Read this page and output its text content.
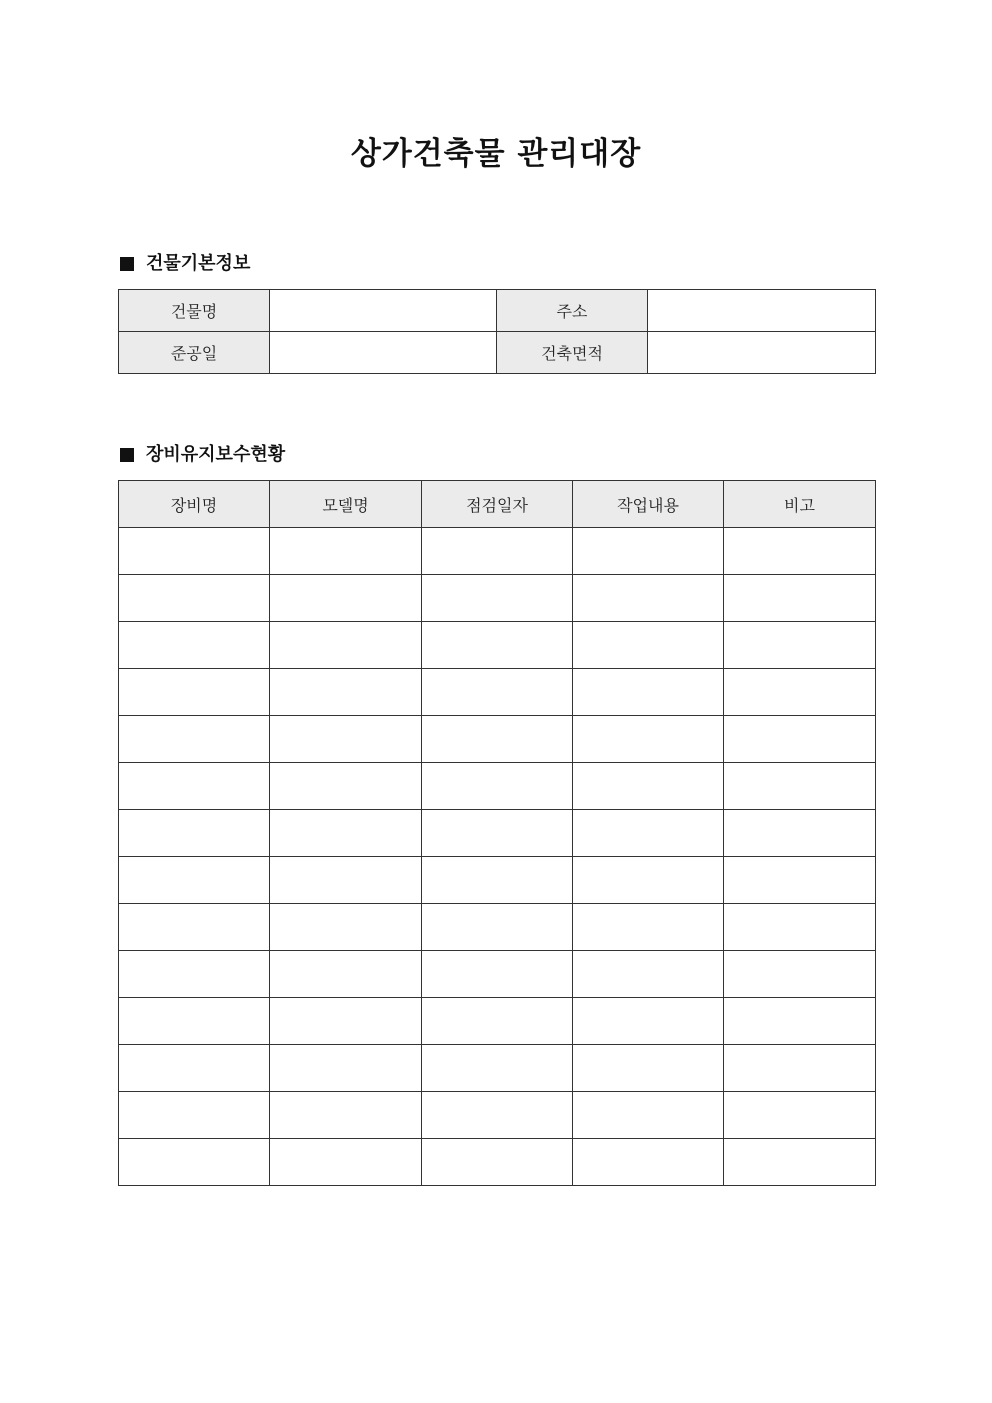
상가건축물 관리대장
건물기본정보
건물명		주소	
준공일		건축면적	
장비유지보수현황
장비명	모델명	점검일자	작업내용	비고
